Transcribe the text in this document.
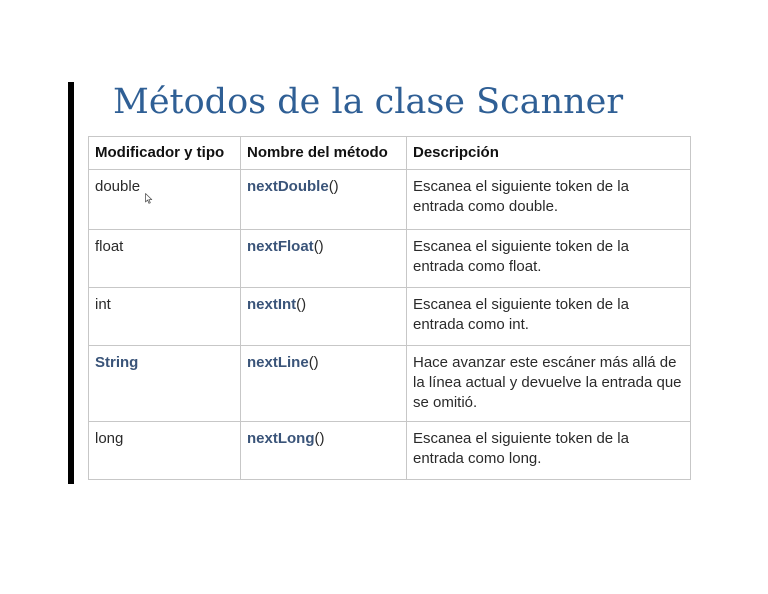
Métodos de la clase Scanner
Modificador y tipo	Nombre del método	Descripción
double	nextDouble()	Escanea el siguiente token de la entrada como double.
float	nextFloat()	Escanea el siguiente token de la entrada como float.
int	nextInt()	Escanea el siguiente token de la entrada como int.
String	nextLine()	Hace avanzar este escáner más allá de la línea actual y devuelve la entrada que se omitió.
long	nextLong()	Escanea el siguiente token de la entrada como long.
